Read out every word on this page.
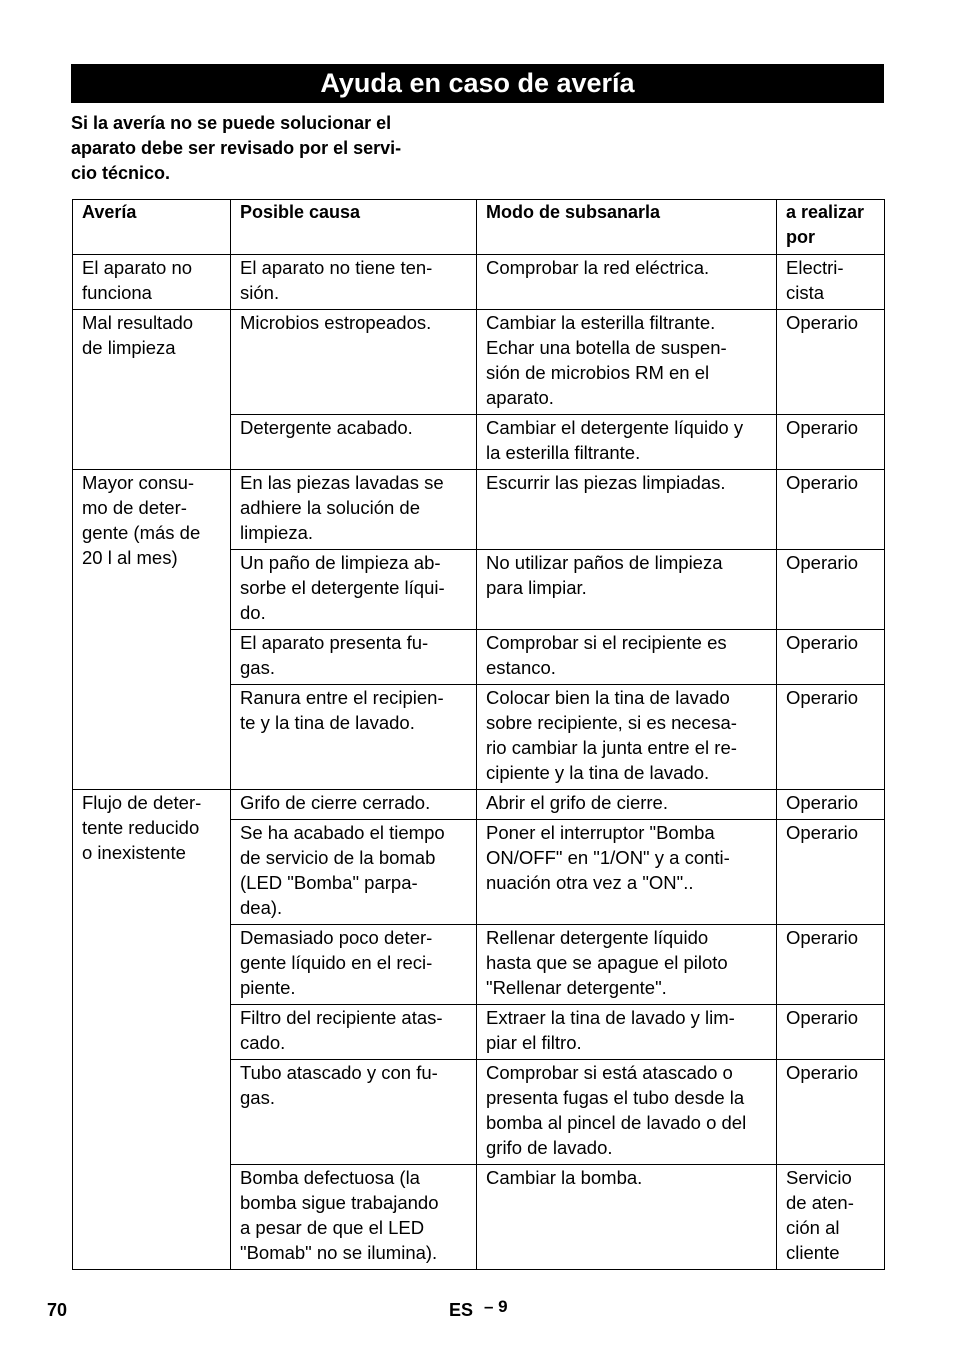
Ayuda en caso de avería
Si la avería no se puede solucionar el
aparato debe ser revisado por el servi-
cio técnico.
Avería	Posible causa	Modo de subsanarla	a realizar
por

El aparato no
funciona	El aparato no tiene ten-
sión.	Comprobar la red eléctrica.	Electri-
cista

Mal resultado
de limpieza	Microbios estropeados.	Cambiar la esterilla filtrante.
Echar una botella de suspen-
sión de microbios RM en el
aparato.	Operario

	Detergente acabado.	Cambiar el detergente líquido y
la esterilla filtrante.	Operario

Mayor consu-
mo de deter-
gente (más de
20 l al mes)	En las piezas lavadas se
adhiere la solución de
limpieza.	Escurrir las piezas limpiadas.	Operario

	Un paño de limpieza ab-
sorbe el detergente líqui-
do.	No utilizar paños de limpieza
para limpiar.	Operario

	El aparato presenta fu-
gas.	Comprobar si el recipiente es
estanco.	Operario

	Ranura entre el recipien-
te y la tina de lavado.	Colocar bien la tina de lavado
sobre recipiente, si es necesa-
rio cambiar la junta entre el re-
cipiente y la tina de lavado.	Operario

Flujo de deter-
tente reducido
o inexistente	Grifo de cierre cerrado.	Abrir el grifo de cierre.	Operario

	Se ha acabado el tiempo
de servicio de la bomab
(LED "Bomba" parpa-
dea).	Poner el interruptor "Bomba
ON/OFF" en "1/ON" y a conti-
nuación otra vez a "ON"..	Operario

	Demasiado poco deter-
gente líquido en el reci-
piente.	Rellenar detergente líquido
hasta que se apague el piloto
"Rellenar detergente".	Operario

	Filtro del recipiente atas-
cado.	Extraer la tina de lavado y lim-
piar el filtro.	Operario

	Tubo atascado y con fu-
gas.	Comprobar si está atascado o
presenta fugas el tubo desde la
bomba al pincel de lavado o del
grifo de lavado.	Operario

	Bomba defectuosa (la
bomba sigue trabajando
a pesar de que el LED
"Bomab" no se ilumina).	Cambiar la bomba.	Servicio
de aten-
ción al
cliente
70	ES – 9
